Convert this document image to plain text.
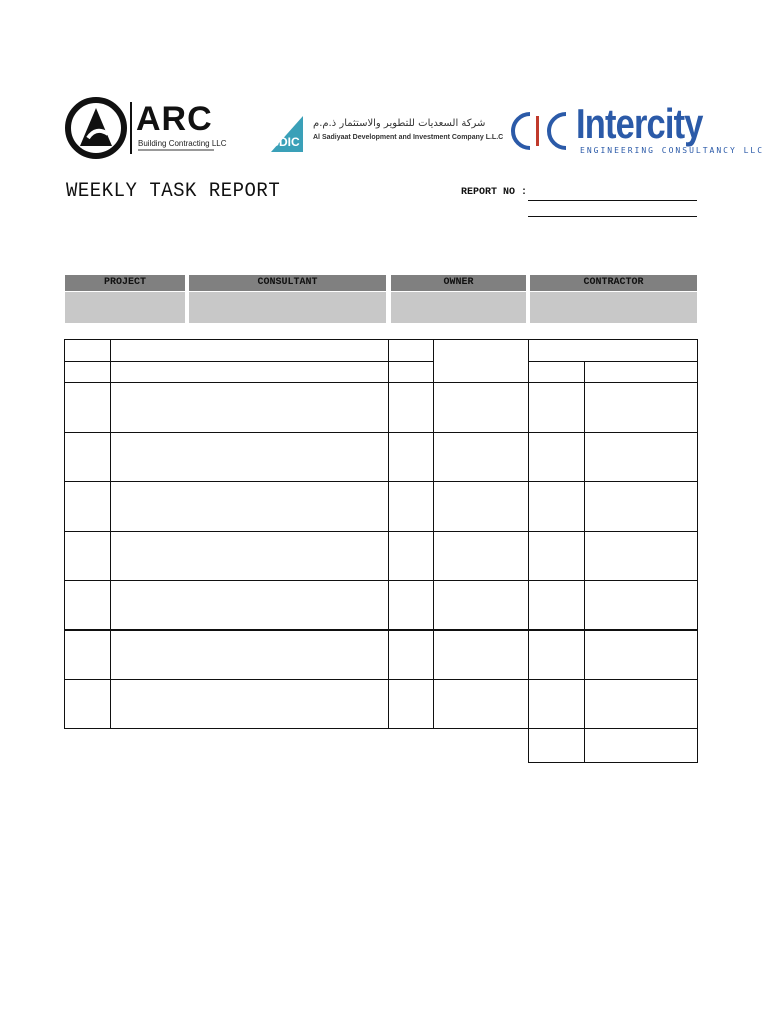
ARC
Building Contracting LLC	SDIC
شركة السعديات للتطوير والاستثمار ذ.م.م
Al Sadiyaat Development and Investment Company L.L.C
CIC Intercity
ENGINEERING CONSULTANCY LLC
WEEKLY TASK REPORT	REPORT NO :
PROJECT	CONSULTANT	OWNER	CONTRACTOR
